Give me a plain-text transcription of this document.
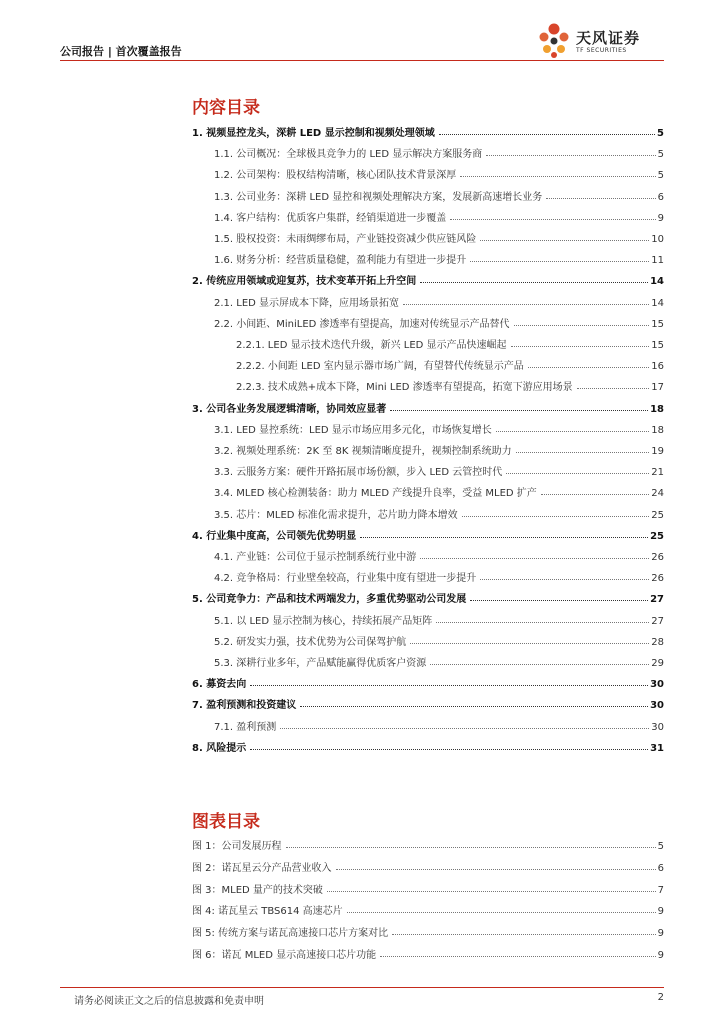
公司报告 | 首次覆盖报告
天风证券
TF SECURITIES
内容目录
1. 视频显控龙头，深耕 LED 显示控制和视频处理领域	5
1.1. 公司概况：全球极具竞争力的 LED 显示解决方案服务商	5
1.2. 公司架构：股权结构清晰，核心团队技术背景深厚	5
1.3. 公司业务：深耕 LED 显控和视频处理解决方案，发展新高速增长业务	6
1.4. 客户结构：优质客户集群，经销渠道进一步覆盖	9
1.5. 股权投资：未雨绸缪布局，产业链投资减少供应链风险	10
1.6. 财务分析：经营质量稳健，盈利能力有望进一步提升	11
2. 传统应用领域或迎复苏，技术变革开拓上升空间	14
2.1. LED 显示屏成本下降，应用场景拓宽	14
2.2. 小间距、MiniLED 渗透率有望提高，加速对传统显示产品替代	15
2.2.1. LED 显示技术迭代升级，新兴 LED 显示产品快速崛起	15
2.2.2. 小间距 LED 室内显示器市场广阔，有望替代传统显示产品	16
2.2.3. 技术成熟+成本下降，Mini LED 渗透率有望提高，拓宽下游应用场景	17
3. 公司各业务发展逻辑清晰，协同效应显著	18
3.1. LED 显控系统：LED 显示市场应用多元化，市场恢复增长	18
3.2. 视频处理系统：2K 至 8K 视频清晰度提升，视频控制系统助力	19
3.3. 云服务方案：硬件开路拓展市场份额，步入 LED 云管控时代	21
3.4. MLED 核心检测装备：助力 MLED 产线提升良率，受益 MLED 扩产	24
3.5. 芯片：MLED 标准化需求提升，芯片助力降本增效	25
4. 行业集中度高，公司领先优势明显	25
4.1. 产业链：公司位于显示控制系统行业中游	26
4.2. 竞争格局：行业壁垒较高，行业集中度有望进一步提升	26
5. 公司竞争力：产品和技术两端发力，多重优势驱动公司发展	27
5.1. 以 LED 显示控制为核心，持续拓展产品矩阵	27
5.2. 研发实力强，技术优势为公司保驾护航	28
5.3. 深耕行业多年，产品赋能赢得优质客户资源	29
6. 募资去向	30
7. 盈利预测和投资建议	30
7.1. 盈利预测	30
8. 风险提示	31
图表目录
图 1：公司发展历程	5
图 2：诺瓦星云分产品营业收入	6
图 3：MLED 量产的技术突破	7
图 4: 诺瓦星云 TBS614 高速芯片	9
图 5: 传统方案与诺瓦高速接口芯片方案对比	9
图 6：诺瓦 MLED 显示高速接口芯片功能	9
请务必阅读正文之后的信息披露和免责申明	2
